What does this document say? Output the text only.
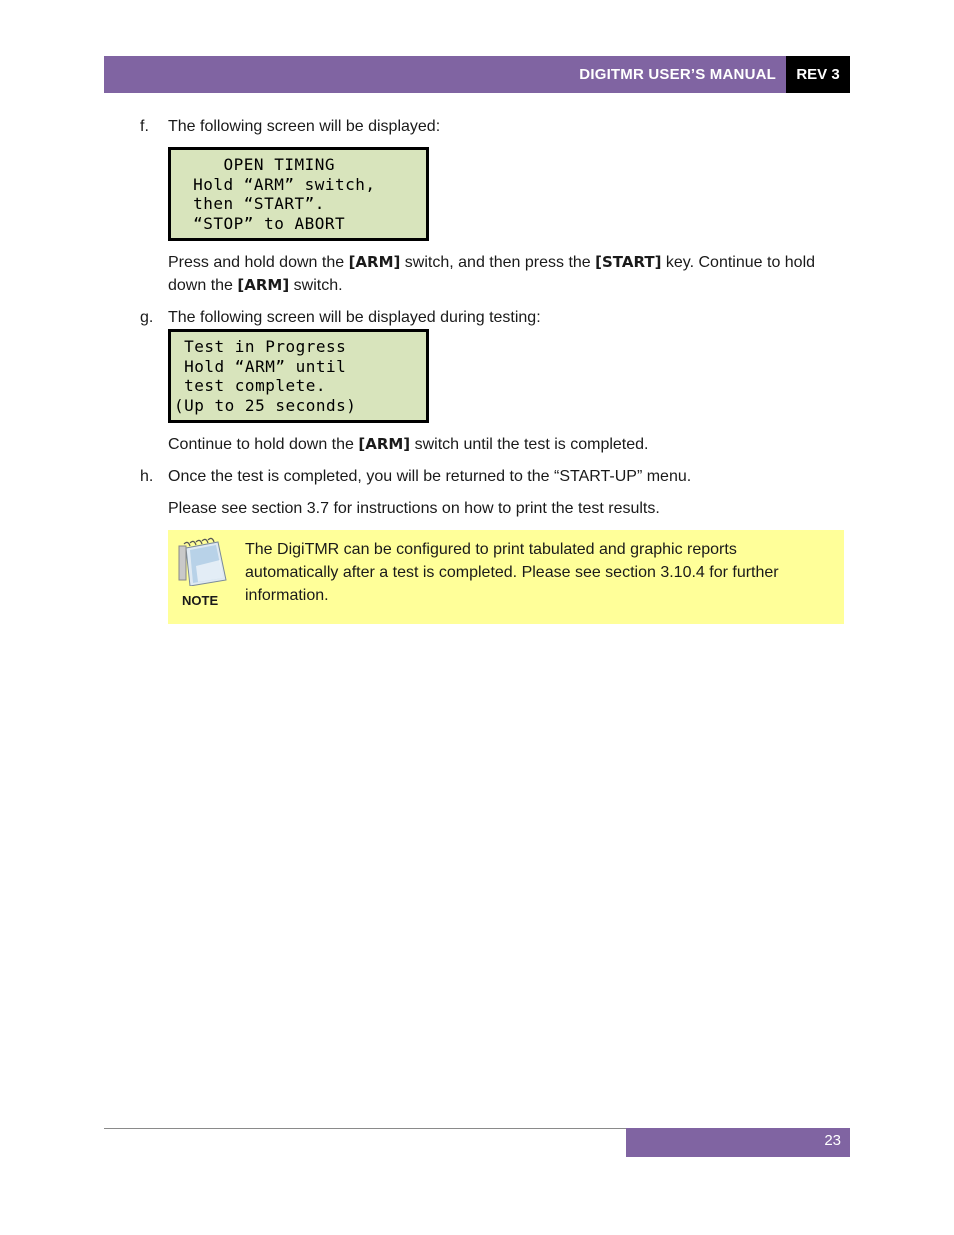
DIGITMR USER’S MANUAL	REV 3
f. The following screen will be displayed:
OPEN TIMING
Hold “ARM” switch,
then “START”.
“STOP” to ABORT
Press and hold down the [ARM] switch, and then press the [START] key. Continue to hold down the [ARM] switch.
g. The following screen will be displayed during testing:
Test in Progress
Hold “ARM” until
test complete.
(Up to 25 seconds)
Continue to hold down the [ARM] switch until the test is completed.
h. Once the test is completed, you will be returned to the “START-UP” menu.
Please see section 3.7 for instructions on how to print the test results.
NOTE
The DigiTMR can be configured to print tabulated and graphic reports automatically after a test is completed. Please see section 3.10.4 for further information.
23
